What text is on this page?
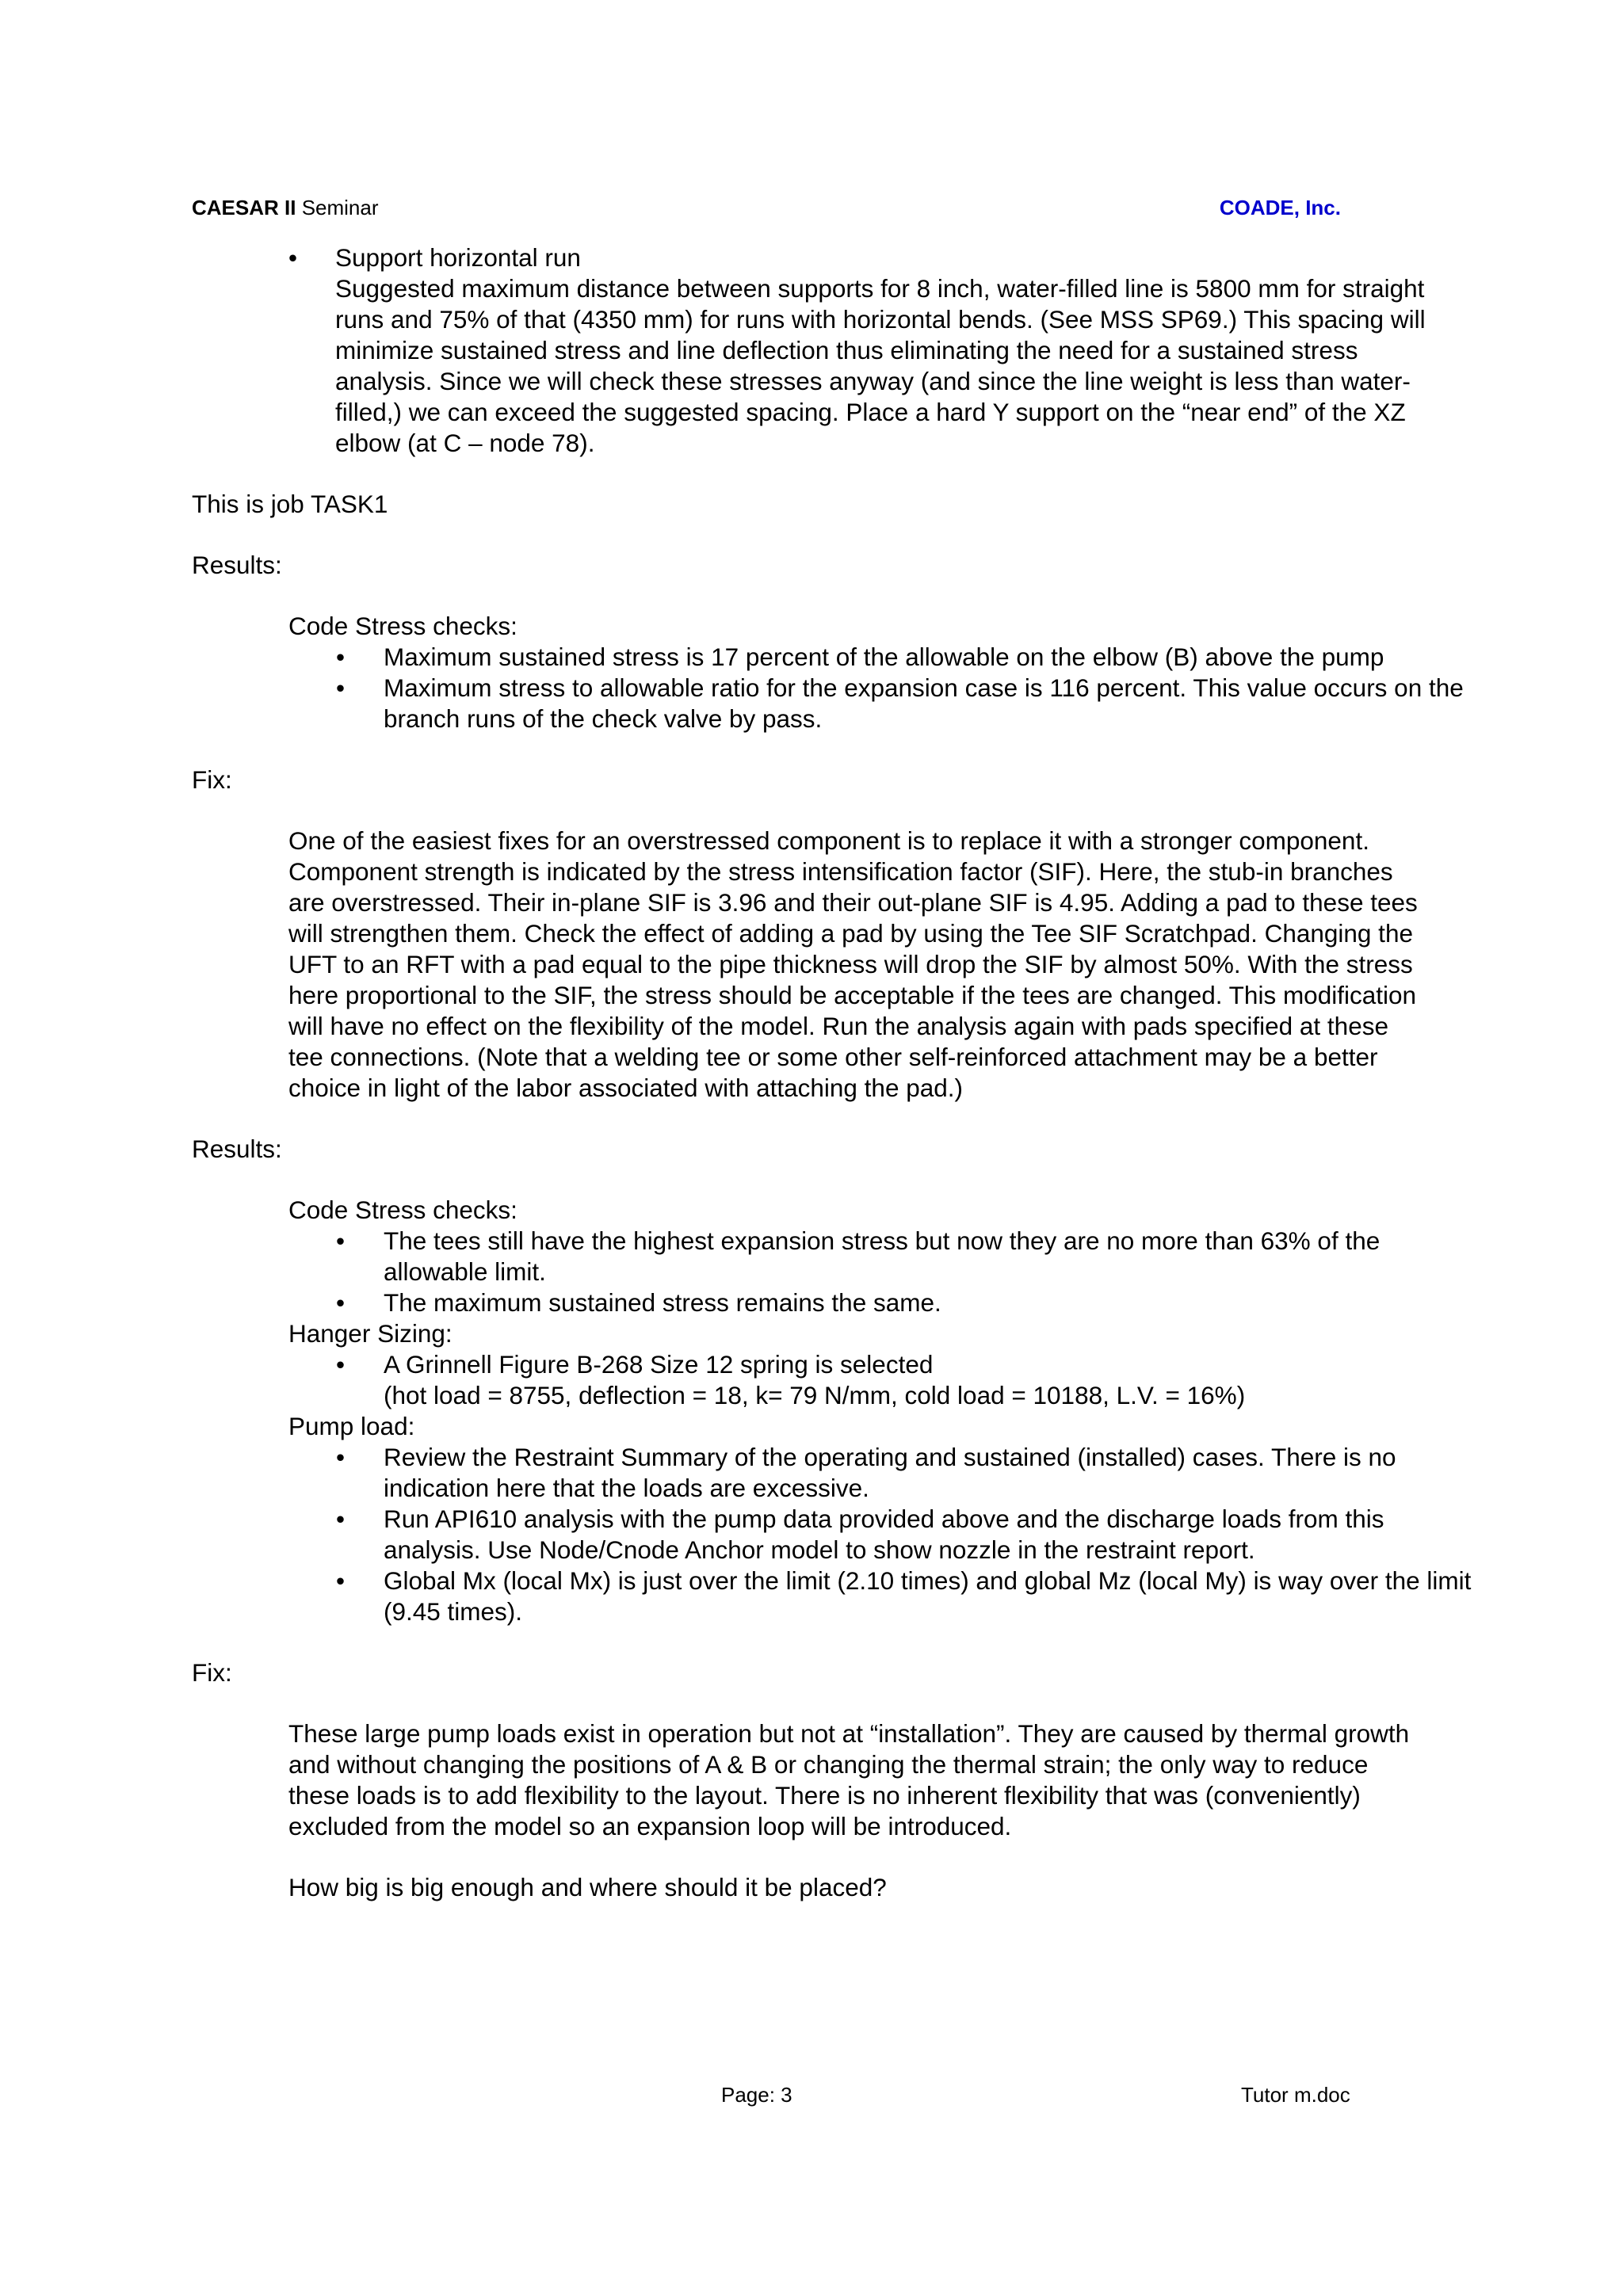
CAESAR II Seminar	COADE, Inc.
• Support horizontal run

Suggested maximum distance between supports for 8 inch, water-filled line is 5800 mm for straight runs and 75% of that (4350 mm) for runs with horizontal bends. (See MSS SP69.) This spacing will minimize sustained stress and line deflection thus eliminating the need for a sustained stress analysis. Since we will check these stresses anyway (and since the line weight is less than water-filled,) we can exceed the suggested spacing. Place a hard Y support on the “near end” of the XZ elbow (at C – node 78).

This is job TASK1

Results:

Code Stress checks:

• Maximum sustained stress is 17 percent of the allowable on the elbow (B) above the pump

• Maximum stress to allowable ratio for the expansion case is 116 percent. This value occurs on the branch runs of the check valve by pass.

Fix:

One of the easiest fixes for an overstressed component is to replace it with a stronger component. Component strength is indicated by the stress intensification factor (SIF). Here, the stub-in branches are overstressed. Their in-plane SIF is 3.96 and their out-plane SIF is 4.95. Adding a pad to these tees will strengthen them. Check the effect of adding a pad by using the Tee SIF Scratchpad. Changing the UFT to an RFT with a pad equal to the pipe thickness will drop the SIF by almost 50%. With the stress here proportional to the SIF, the stress should be acceptable if the tees are changed. This modification will have no effect on the flexibility of the model. Run the analysis again with pads specified at these tee connections. (Note that a welding tee or some other self-reinforced attachment may be a better choice in light of the labor associated with attaching the pad.)

Results:

Code Stress checks:

• The tees still have the highest expansion stress but now they are no more than 63% of the allowable limit.

• The maximum sustained stress remains the same.

Hanger Sizing:

• A Grinnell Figure B-268 Size 12 spring is selected

(hot load = 8755, deflection = 18, k= 79 N/mm, cold load = 10188, L.V. = 16%)

Pump load:

• Review the Restraint Summary of the operating and sustained (installed) cases. There is no indication here that the loads are excessive.

• Run API610 analysis with the pump data provided above and the discharge loads from this analysis. Use Node/Cnode Anchor model to show nozzle in the restraint report.

• Global Mx (local Mx) is just over the limit (2.10 times) and global Mz (local My) is way over the limit (9.45 times).

Fix:

These large pump loads exist in operation but not at “installation”. They are caused by thermal growth and without changing the positions of A & B or changing the thermal strain; the only way to reduce these loads is to add flexibility to the layout. There is no inherent flexibility that was (conveniently) excluded from the model so an expansion loop will be introduced.

How big is big enough and where should it be placed?

Page: 3	Tutor m.doc
